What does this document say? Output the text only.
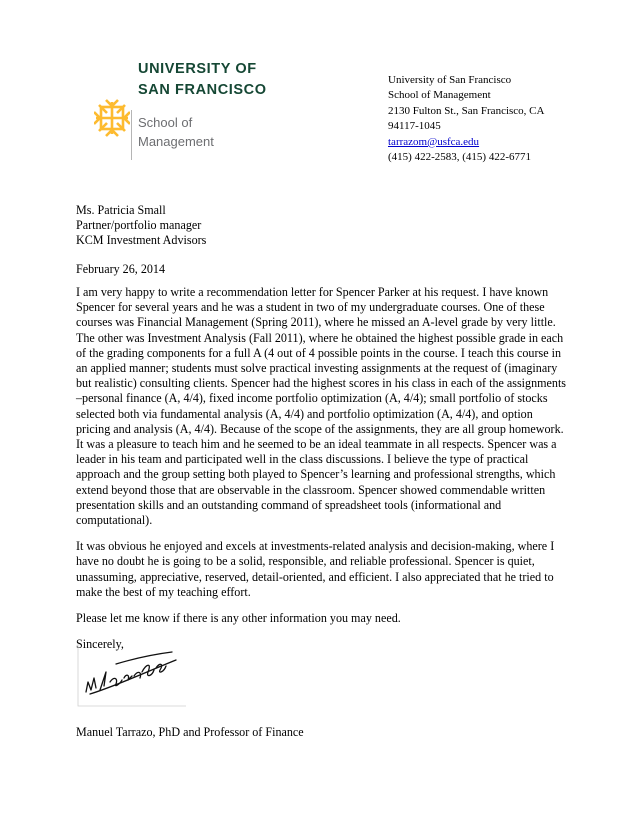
UNIVERSITY OF
SAN FRANCISCO
School of
Management
University of San Francisco
School of Management
2130 Fulton St., San Francisco, CA
94117-1045
tarrazom@usfca.edu
(415) 422-2583, (415) 422-6771
Ms. Patricia Small
Partner/portfolio manager
KCM Investment Advisors
February 26, 2014

I am very happy to write a recommendation letter for Spencer Parker at his request. I have known Spencer for several years and he was a student in two of my undergraduate courses. One of these courses was Financial Management (Spring 2011), where he missed an A-level grade by very little. The other was Investment Analysis (Fall 2011), where he obtained the highest possible grade in each of the grading components for a full A (4 out of 4 possible points in the course. I teach this course in an applied manner; students must solve practical investing assignments at the request of (imaginary but realistic) consulting clients. Spencer had the highest scores in his class in each of the assignments –personal finance (A, 4/4), fixed income portfolio optimization (A, 4/4); small portfolio of stocks selected both via fundamental analysis (A, 4/4) and portfolio optimization (A, 4/4), and option pricing and analysis (A, 4/4). Because of the scope of the assignments, they are all group homework. It was a pleasure to teach him and he seemed to be an ideal teammate in all respects. Spencer was a leader in his team and participated well in the class discussions. I believe the type of practical approach and the group setting both played to Spencer’s learning and professional strengths, which extend beyond those that are observable in the classroom. Spencer showed commendable written presentation skills and an outstanding command of spreadsheet tools (informational and computational).

It was obvious he enjoyed and excels at investments-related analysis and decision-making, where I have no doubt he is going to be a solid, responsible, and reliable professional. Spencer is quiet, unassuming, appreciative, reserved, detail-oriented, and efficient. I also appreciated that he tried to make the best of my teaching effort.

Please let me know if there is any other information you may need.

Sincerely,

Manuel Tarrazo, PhD and Professor of Finance
